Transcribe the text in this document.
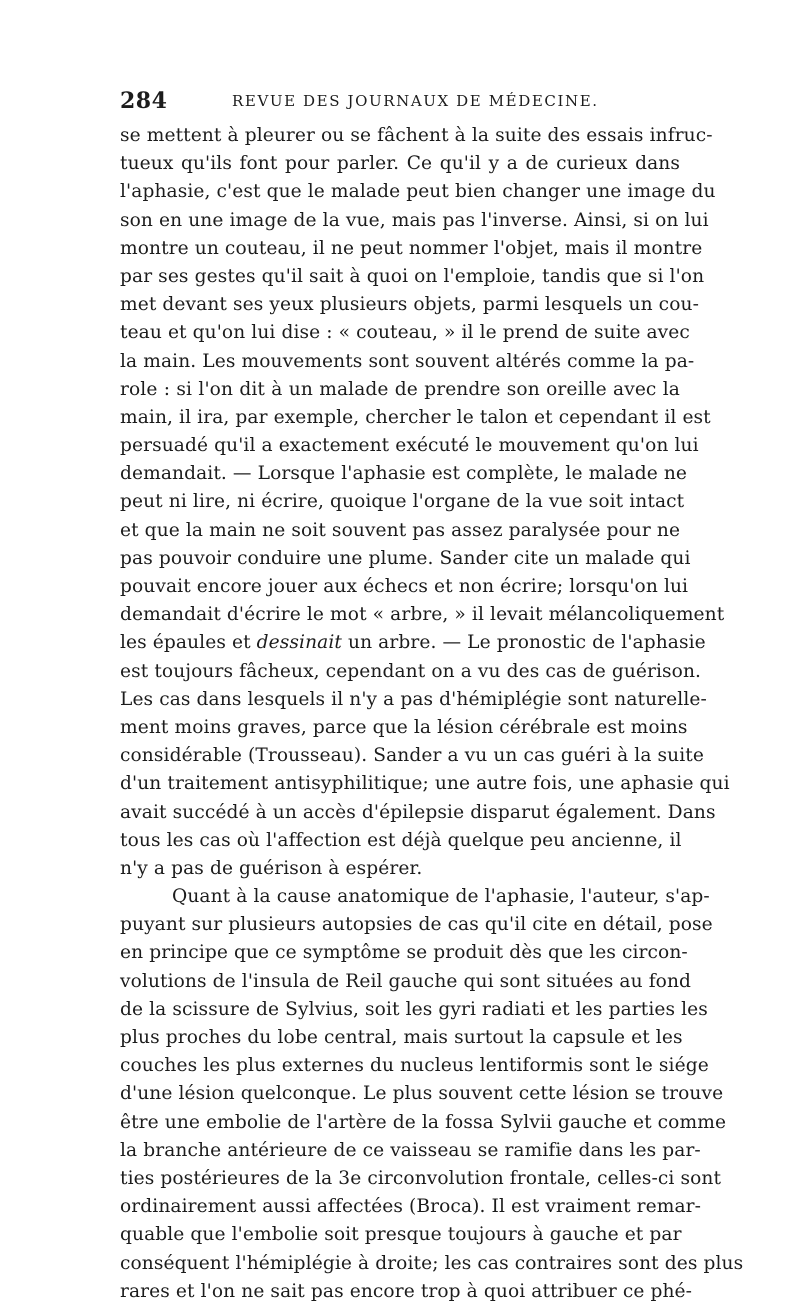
284	REVUE DES JOURNAUX DE MÉDECINE.
se mettent à pleurer ou se fâchent à la suite des essais infruc-
tueux qu'ils font pour parler. Ce qu'il y a de curieux dans
l'aphasie, c'est que le malade peut bien changer une image du
son en une image de la vue, mais pas l'inverse. Ainsi, si on lui
montre un couteau, il ne peut nommer l'objet, mais il montre
par ses gestes qu'il sait à quoi on l'emploie, tandis que si l'on
met devant ses yeux plusieurs objets, parmi lesquels un cou-
teau et qu'on lui dise : « couteau, » il le prend de suite avec
la main. Les mouvements sont souvent altérés comme la pa-
role : si l'on dit à un malade de prendre son oreille avec la
main, il ira, par exemple, chercher le talon et cependant il est
persuadé qu'il a exactement exécuté le mouvement qu'on lui
demandait. — Lorsque l'aphasie est complète, le malade ne
peut ni lire, ni écrire, quoique l'organe de la vue soit intact
et que la main ne soit souvent pas assez paralysée pour ne
pas pouvoir conduire une plume. Sander cite un malade qui
pouvait encore jouer aux échecs et non écrire; lorsqu'on lui
demandait d'écrire le mot « arbre, » il levait mélancoliquement
les épaules et dessinait un arbre. — Le pronostic de l'aphasie
est toujours fâcheux, cependant on a vu des cas de guérison.
Les cas dans lesquels il n'y a pas d'hémiplégie sont naturelle-
ment moins graves, parce que la lésion cérébrale est moins
considérable (Trousseau). Sander a vu un cas guéri à la suite
d'un traitement antisyphilitique; une autre fois, une aphasie qui
avait succédé à un accès d'épilepsie disparut également. Dans
tous les cas où l'affection est déjà quelque peu ancienne, il
n'y a pas de guérison à espérer.
Quant à la cause anatomique de l'aphasie, l'auteur, s'ap-
puyant sur plusieurs autopsies de cas qu'il cite en détail, pose
en principe que ce symptôme se produit dès que les circon-
volutions de l'insula de Reil gauche qui sont situées au fond
de la scissure de Sylvius, soit les gyri radiati et les parties les
plus proches du lobe central, mais surtout la capsule et les
couches les plus externes du nucleus lentiformis sont le siége
d'une lésion quelconque. Le plus souvent cette lésion se trouve
être une embolie de l'artère de la fossa Sylvii gauche et comme
la branche antérieure de ce vaisseau se ramifie dans les par-
ties postérieures de la 3e circonvolution frontale, celles-ci sont
ordinairement aussi affectées (Broca). Il est vraiment remar-
quable que l'embolie soit presque toujours à gauche et par
conséquent l'hémiplégie à droite; les cas contraires sont des plus
rares et l'on ne sait pas encore trop à quoi attribuer ce phé-
